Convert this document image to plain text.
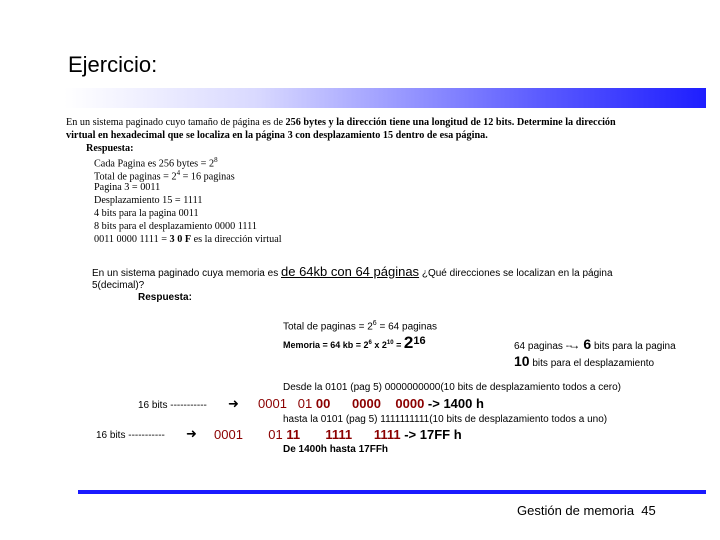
Ejercicio:
En un sistema paginado cuyo tamaño de página es de 256 bytes y la dirección tiene una longitud de 12 bits. Determine la dirección
virtual en hexadecimal que se localiza en la página 3 con desplazamiento 15 dentro de esa página.
Respuesta:
Cada Pagina es 256 bytes = $2^8$
Total de paginas = $2^4 = 16$ paginas
Pagina 3 = 0011
Desplazamiento 15 = 1111
4 bits para la pagina 0011
8 bits para el desplazamiento 0000 1111
0011 0000 1111 = 3 0 F es la dirección virtual
En un sistema paginado cuya memoria es de 64kb con 64 páginas ¿Qué direcciones se localizan en la página
5(decimal)?
Respuesta:
Total de paginas = $2^6 = 64$ paginas
Memoria = 64 kb = $2^6$ x $2^{10} = 2^{16}$	64 paginas --→ 6 bits para la pagina
10 bits para el desplazamiento
Desde la 0101 (pag 5) 0000000000(10 bits de desplazamiento todos a cero)
16 bits ----------- ➜ 0001 01 00 0000 0000 -> 1400 h
hasta la 0101 (pag 5) 1111111111(10 bits de desplazamiento todos a uno)
16 bits ----------- ➜ 0001 01 11 1111 1111 -> 17FF h
De 1400h hasta 17FFh
Gestión de memoria 45
